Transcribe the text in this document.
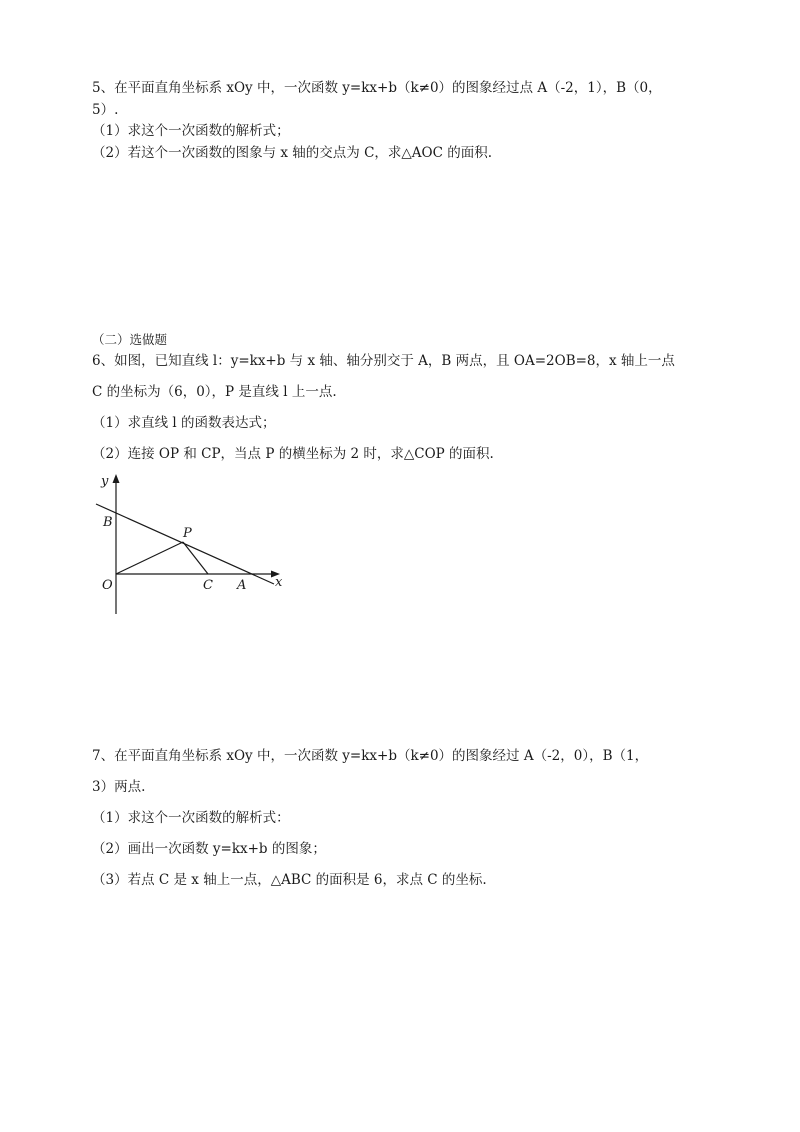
5、在平面直角坐标系 xOy 中，一次函数 y=kx+b（k≠0）的图象经过点 A（-2，1），B（0，
5）.
（1）求这个一次函数的解析式；
（2）若这个一次函数的图象与 x 轴的交点为 C，求△AOC 的面积.
（二）选做题
6、如图，已知直线 l：y=kx+b 与 x 轴、轴分别交于 A，B 两点，且 OA=2OB=8，x 轴上一点
C 的坐标为（6，0），P 是直线 l 上一点.
（1）求直线 l 的函数表达式；
（2）连接 OP 和 CP，当点 P 的横坐标为 2 时，求△COP 的面积.
y
x
B
P
O	C A
7、在平面直角坐标系 xOy 中，一次函数 y=kx+b（k≠0）的图象经过 A（-2，0），B（1，
3）两点.
（1）求这个一次函数的解析式：
（2）画出一次函数 y=kx+b 的图象；
（3）若点 C 是 x 轴上一点，△ABC 的面积是 6，求点 C 的坐标.
